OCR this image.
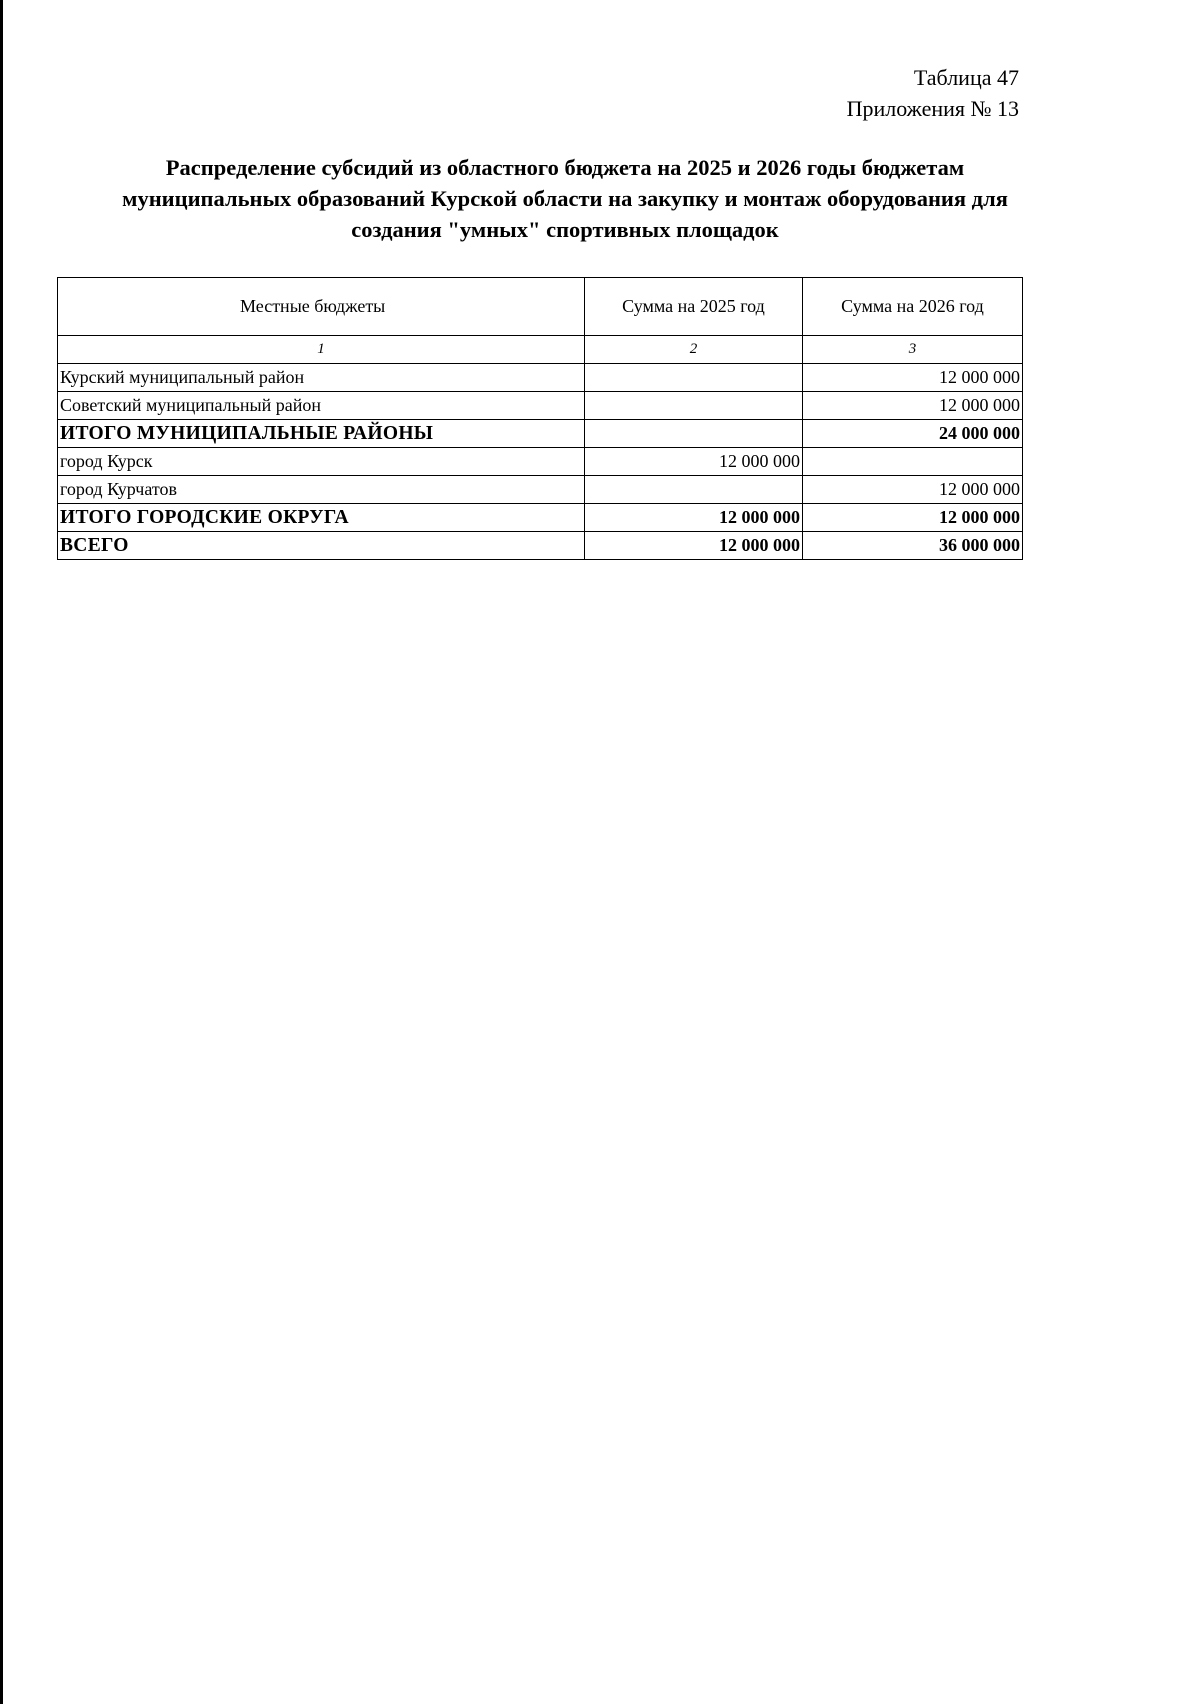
Таблица 47
Приложения № 13
Распределение субсидий из областного бюджета на 2025 и 2026 годы бюджетам
муниципальных образований Курской области на закупку и монтаж оборудования для
создания "умных" спортивных площадок
Местные бюджеты	Сумма на 2025 год	Сумма на 2026 год
1	2	3
Курский муниципальный район		12 000 000
Советский муниципальный район		12 000 000
ИТОГО МУНИЦИПАЛЬНЫЕ РАЙОНЫ		24 000 000
город Курск	12 000 000	
город Курчатов		12 000 000
ИТОГО ГОРОДСКИЕ ОКРУГА	12 000 000	12 000 000
ВСЕГО	12 000 000	36 000 000
